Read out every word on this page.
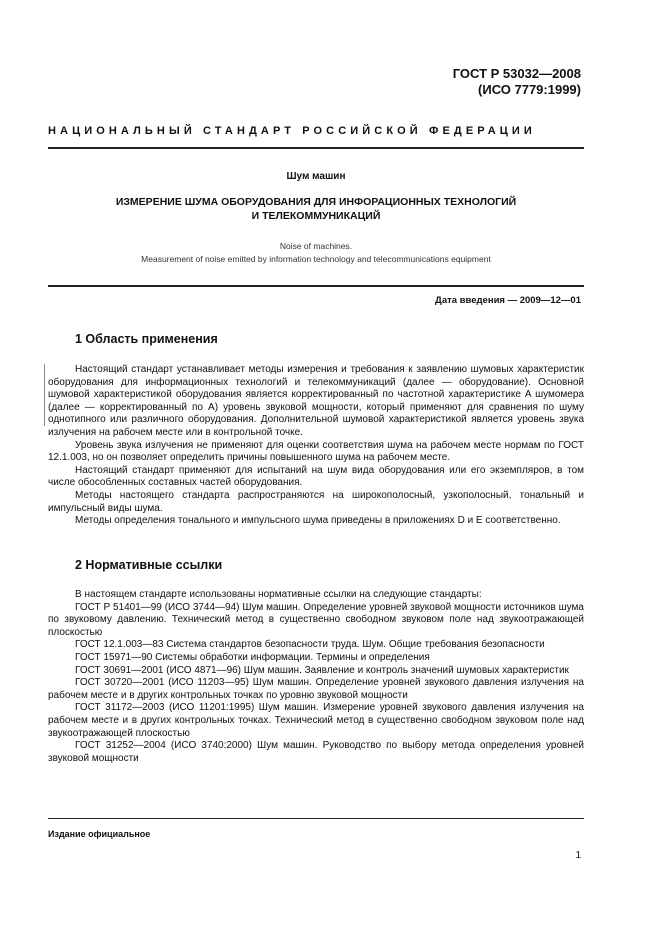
ГОСТ Р 53032—2008
(ИСО 7779:1999)
НАЦИОНАЛЬНЫЙ СТАНДАРТ РОССИЙСКОЙ ФЕДЕРАЦИИ
Шум машин
ИЗМЕРЕНИЕ ШУМА ОБОРУДОВАНИЯ ДЛЯ ИНФОРАЦИОННЫХ ТЕХНОЛОГИЙ
И ТЕЛЕКОММУНИКАЦИЙ
Noise of machines.
Measurement of noise emitted by information technology and telecommunications equipment
Дата введения — 2009—12—01
1 Область применения

Настоящий стандарт устанавливает методы измерения и требования к заявлению шумовых характеристик оборудования для информационных технологий и телекоммуникаций (далее — оборудование). Основной шумовой характеристикой оборудования является корректированный по частотной характеристике A шумомера (далее — корректированный по A) уровень звуковой мощности, который применяют для сравнения по шуму однотипного или различного оборудования. Дополнительной шумовой характеристикой является уровень звука излучения на рабочем месте или в контрольной точке.

Уровень звука излучения не применяют для оценки соответствия шума на рабочем месте нормам по ГОСТ 12.1.003, но он позволяет определить причины повышенного шума на рабочем месте.

Настоящий стандарт применяют для испытаний на шум вида оборудования или его экземпляров, в том числе обособленных составных частей оборудования.

Методы настоящего стандарта распространяются на широкополосный, узкополосный, тональный и импульсный виды шума.

Методы определения тонального и импульсного шума приведены в приложениях D и E соответственно.

2 Нормативные ссылки

В настоящем стандарте использованы нормативные ссылки на следующие стандарты:

ГОСТ Р 51401—99 (ИСО 3744—94) Шум машин. Определение уровней звуковой мощности источников шума по звуковому давлению. Технический метод в существенно свободном звуковом поле над звукоотражающей плоскостью

ГОСТ 12.1.003—83 Система стандартов безопасности труда. Шум. Общие требования безопасности

ГОСТ 15971—90 Системы обработки информации. Термины и определения

ГОСТ 30691—2001 (ИСО 4871—96) Шум машин. Заявление и контроль значений шумовых характеристик

ГОСТ 30720—2001 (ИСО 11203—95) Шум машин. Определение уровней звукового давления излучения на рабочем месте и в других контрольных точках по уровню звуковой мощности

ГОСТ 31172—2003 (ИСО 11201:1995) Шум машин. Измерение уровней звукового давления излучения на рабочем месте и в других контрольных точках. Технический метод в существенно свободном звуковом поле над звукоотражающей плоскостью

ГОСТ 31252—2004 (ИСО 3740:2000) Шум машин. Руководство по выбору метода определения уровней звуковой мощности

Издание официальное
1
